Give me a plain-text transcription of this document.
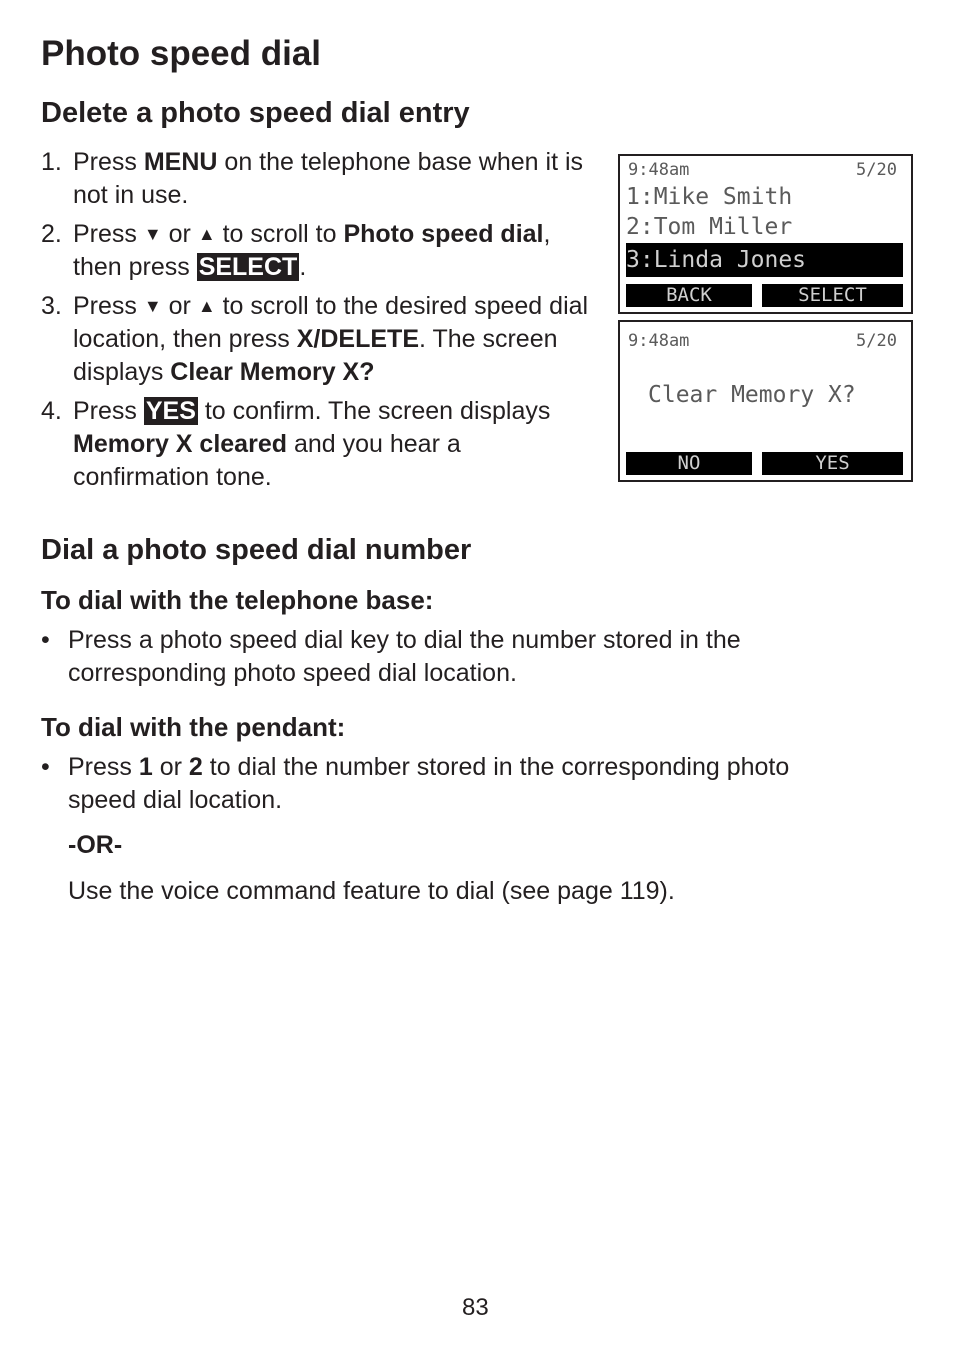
Photo speed dial
Delete a photo speed dial entry
1. Press MENU on the telephone base when it is not in use.
2. Press ▼ or ▲ to scroll to Photo speed dial, then press SELECT.
3. Press ▼ or ▲ to scroll to the desired speed dial location, then press X/DELETE. The screen displays Clear Memory X?
4. Press YES to confirm. The screen displays Memory X cleared and you hear a confirmation tone.
9:48am	5/20
1:Mike Smith
2:Tom Miller
3:Linda Jones
BACK	SELECT
9:48am	5/20
Clear Memory X?
NO	YES
Dial a photo speed dial number
To dial with the telephone base:
• Press a photo speed dial key to dial the number stored in the corresponding photo speed dial location.
To dial with the pendant:
• Press 1 or 2 to dial the number stored in the corresponding photo speed dial location.
-OR-
Use the voice command feature to dial (see page 119).
83
